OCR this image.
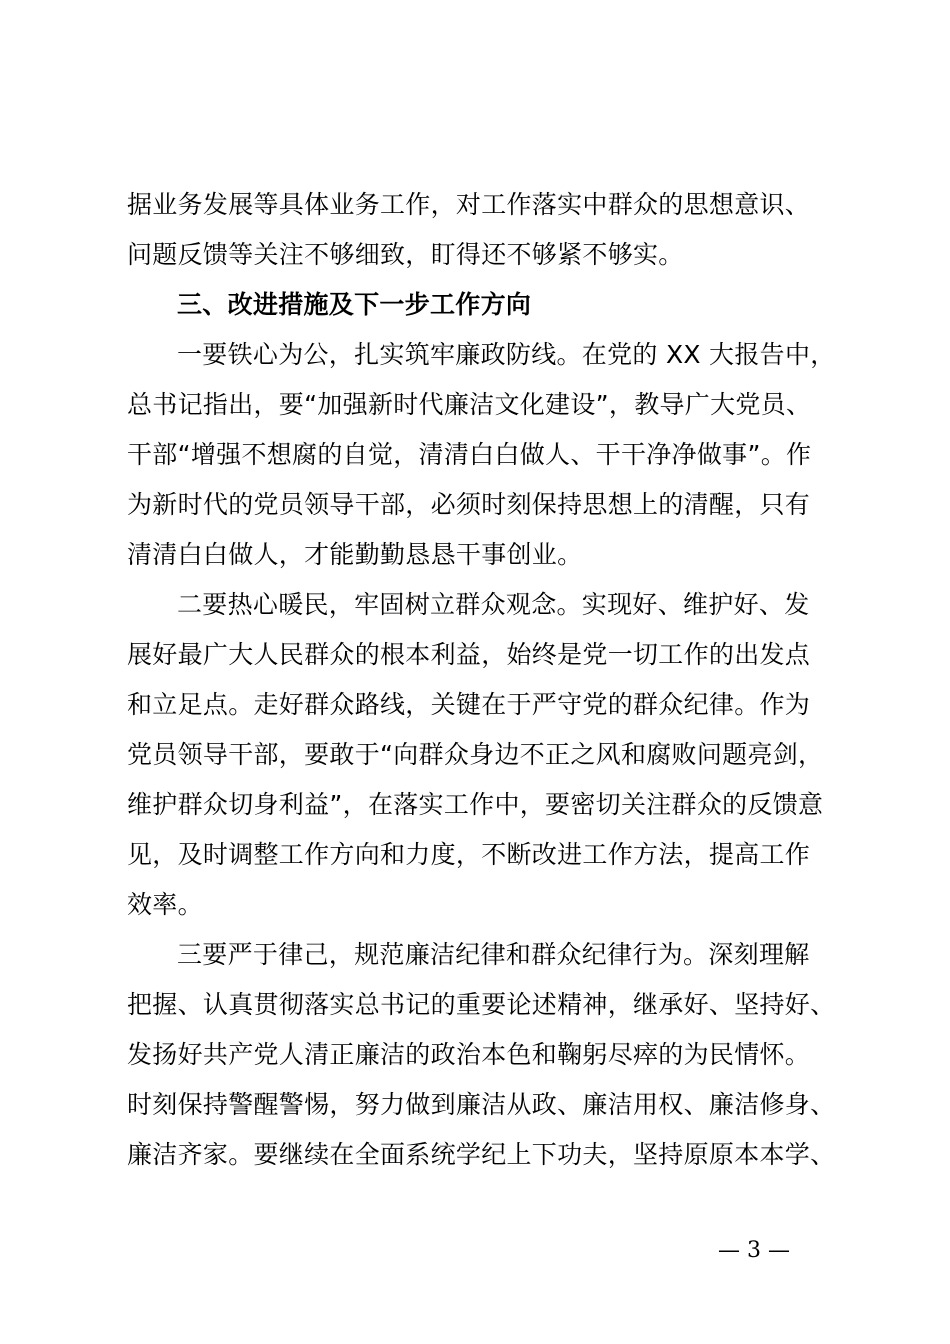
据业务发展等具体业务工作，对工作落实中群众的思想意识、
问题反馈等关注不够细致，盯得还不够紧不够实。
三、改进措施及下一步工作方向
一要铁心为公，扎实筑牢廉政防线。在党的 XX 大报告中，
总书记指出，要“加强新时代廉洁文化建设”，教导广大党员、
干部“增强不想腐的自觉，清清白白做人、干干净净做事”。作
为新时代的党员领导干部，必须时刻保持思想上的清醒，只有
清清白白做人，才能勤勤恳恳干事创业。
二要热心暖民，牢固树立群众观念。实现好、维护好、发
展好最广大人民群众的根本利益，始终是党一切工作的出发点
和立足点。走好群众路线，关键在于严守党的群众纪律。作为
党员领导干部，要敢于“向群众身边不正之风和腐败问题亮剑，
维护群众切身利益”，在落实工作中，要密切关注群众的反馈意
见，及时调整工作方向和力度，不断改进工作方法，提高工作
效率。
三要严于律己，规范廉洁纪律和群众纪律行为。深刻理解
把握、认真贯彻落实总书记的重要论述精神，继承好、坚持好、
发扬好共产党人清正廉洁的政治本色和鞠躬尽瘁的为民情怀。
时刻保持警醒警惕，努力做到廉洁从政、廉洁用权、廉洁修身、
廉洁齐家。要继续在全面系统学纪上下功夫，坚持原原本本学、
— 3 —
